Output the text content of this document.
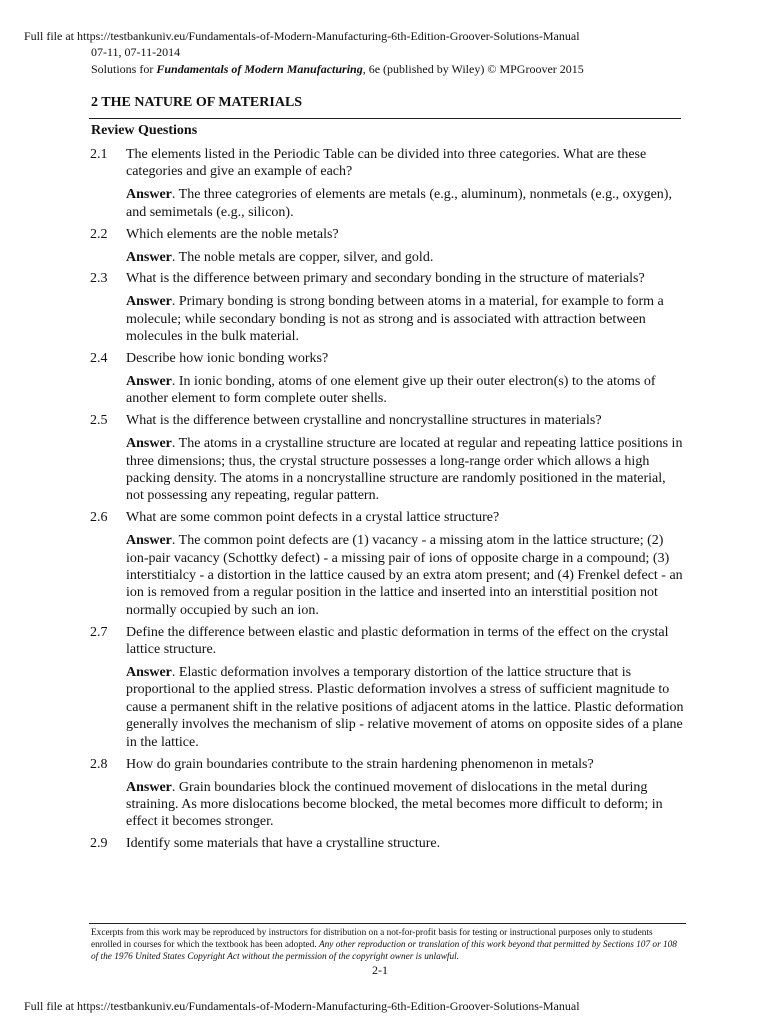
Full file at https://testbankuniv.eu/Fundamentals-of-Modern-Manufacturing-6th-Edition-Groover-Solutions-Manual
07-11, 07-11-2014
Solutions for Fundamentals of Modern Manufacturing, 6e (published by Wiley) © MPGroover 2015
2 THE NATURE OF MATERIALS
Review Questions
2.1 The elements listed in the Periodic Table can be divided into three categories. What are these categories and give an example of each?

Answer. The three categrories of elements are metals (e.g., aluminum), nonmetals (e.g., oxygen), and semimetals (e.g., silicon).

2.2 Which elements are the noble metals?

Answer. The noble metals are copper, silver, and gold.

2.3 What is the difference between primary and secondary bonding in the structure of materials?

Answer. Primary bonding is strong bonding between atoms in a material, for example to form a molecule; while secondary bonding is not as strong and is associated with attraction between molecules in the bulk material.

2.4 Describe how ionic bonding works?

Answer. In ionic bonding, atoms of one element give up their outer electron(s) to the atoms of another element to form complete outer shells.

2.5 What is the difference between crystalline and noncrystalline structures in materials?

Answer. The atoms in a crystalline structure are located at regular and repeating lattice positions in three dimensions; thus, the crystal structure possesses a long-range order which allows a high packing density. The atoms in a noncrystalline structure are randomly positioned in the material, not possessing any repeating, regular pattern.

2.6 What are some common point defects in a crystal lattice structure?

Answer. The common point defects are (1) vacancy - a missing atom in the lattice structure; (2) ion-pair vacancy (Schottky defect) - a missing pair of ions of opposite charge in a compound; (3) interstitialcy - a distortion in the lattice caused by an extra atom present; and (4) Frenkel defect - an ion is removed from a regular position in the lattice and inserted into an interstitial position not normally occupied by such an ion.

2.7 Define the difference between elastic and plastic deformation in terms of the effect on the crystal lattice structure.

Answer. Elastic deformation involves a temporary distortion of the lattice structure that is proportional to the applied stress. Plastic deformation involves a stress of sufficient magnitude to cause a permanent shift in the relative positions of adjacent atoms in the lattice. Plastic deformation generally involves the mechanism of slip - relative movement of atoms on opposite sides of a plane in the lattice.

2.8 How do grain boundaries contribute to the strain hardening phenomenon in metals?

Answer. Grain boundaries block the continued movement of dislocations in the metal during straining. As more dislocations become blocked, the metal becomes more difficult to deform; in effect it becomes stronger.

2.9 Identify some materials that have a crystalline structure.

Excerpts from this work may be reproduced by instructors for distribution on a not-for-profit basis for testing or instructional purposes only to students enrolled in courses for which the textbook has been adopted. Any other reproduction or translation of this work beyond that permitted by Sections 107 or 108 of the 1976 United States Copyright Act without the permission of the copyright owner is unlawful.
2-1
Full file at https://testbankuniv.eu/Fundamentals-of-Modern-Manufacturing-6th-Edition-Groover-Solutions-Manual
